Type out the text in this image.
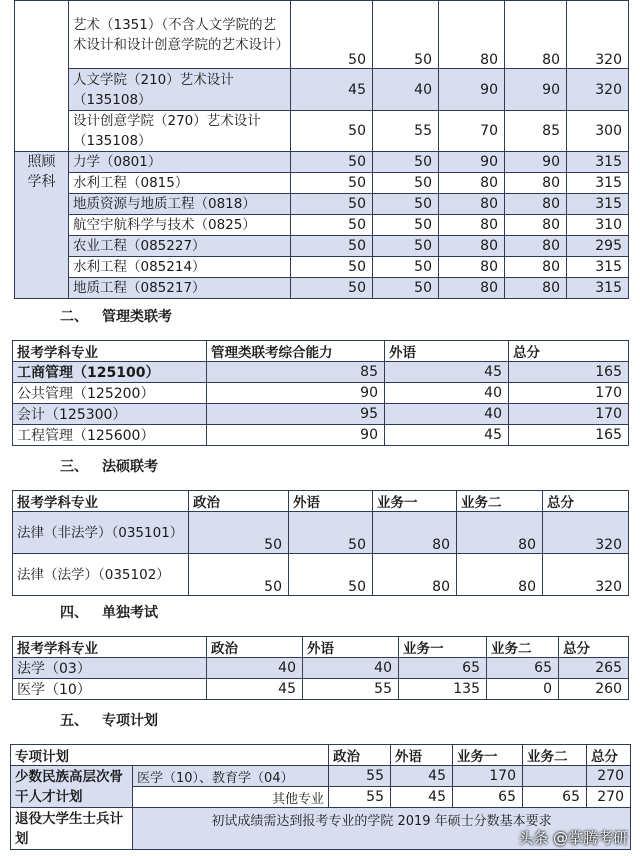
	艺术（1351）（不含人文学院的艺术设计和设计创意学院的艺术设计）	50	50	80	80	320
	人文学院（210）艺术设计（135108）	45	40	90	90	320
	设计创意学院（270）艺术设计（135108）	50	55	70	85	300

照顾学科	力学（0801）	50	50	90	90	315
	水利工程（0815）	50	50	80	80	315
	地质资源与地质工程（0818）	50	50	80	80	315
	航空宇航科学与技术（0825）	50	50	80	80	310
	农业工程（085227）	50	50	80	80	295
	水利工程（085214）	50	50	80	80	315
	地质工程（085217）	50	50	80	80	315
二、 管理类联考
报考学科专业	管理类联考综合能力	外语	总分
工商管理（125100）	85	45	165
公共管理（125200）	90	40	170
会计（125300）	95	40	170
工程管理（125600）	90	45	165
三、 法硕联考
报考学科专业	政治	外语	业务一	业务二	总分
法律（非法学）（035101）	50	50	80	80	320
法律（法学）（035102）	50	50	80	80	320
四、 单独考试
报考学科专业	政治	外语	业务一	业务二	总分
法学（03）	40	40	65	65	265
医学（10）	45	55	135	0	260
五、 专项计划
专项计划		政治	外语	业务一	业务二	总分
少数民族高层次骨干人才计划	医学（10）、教育学（04）	55	45	170		270
	其他专业	55	45	65	65	270
退役大学生士兵计划	初试成绩需达到报考专业的学院 2019 年硕士分数基本要求					
头条 @掌腾考研
